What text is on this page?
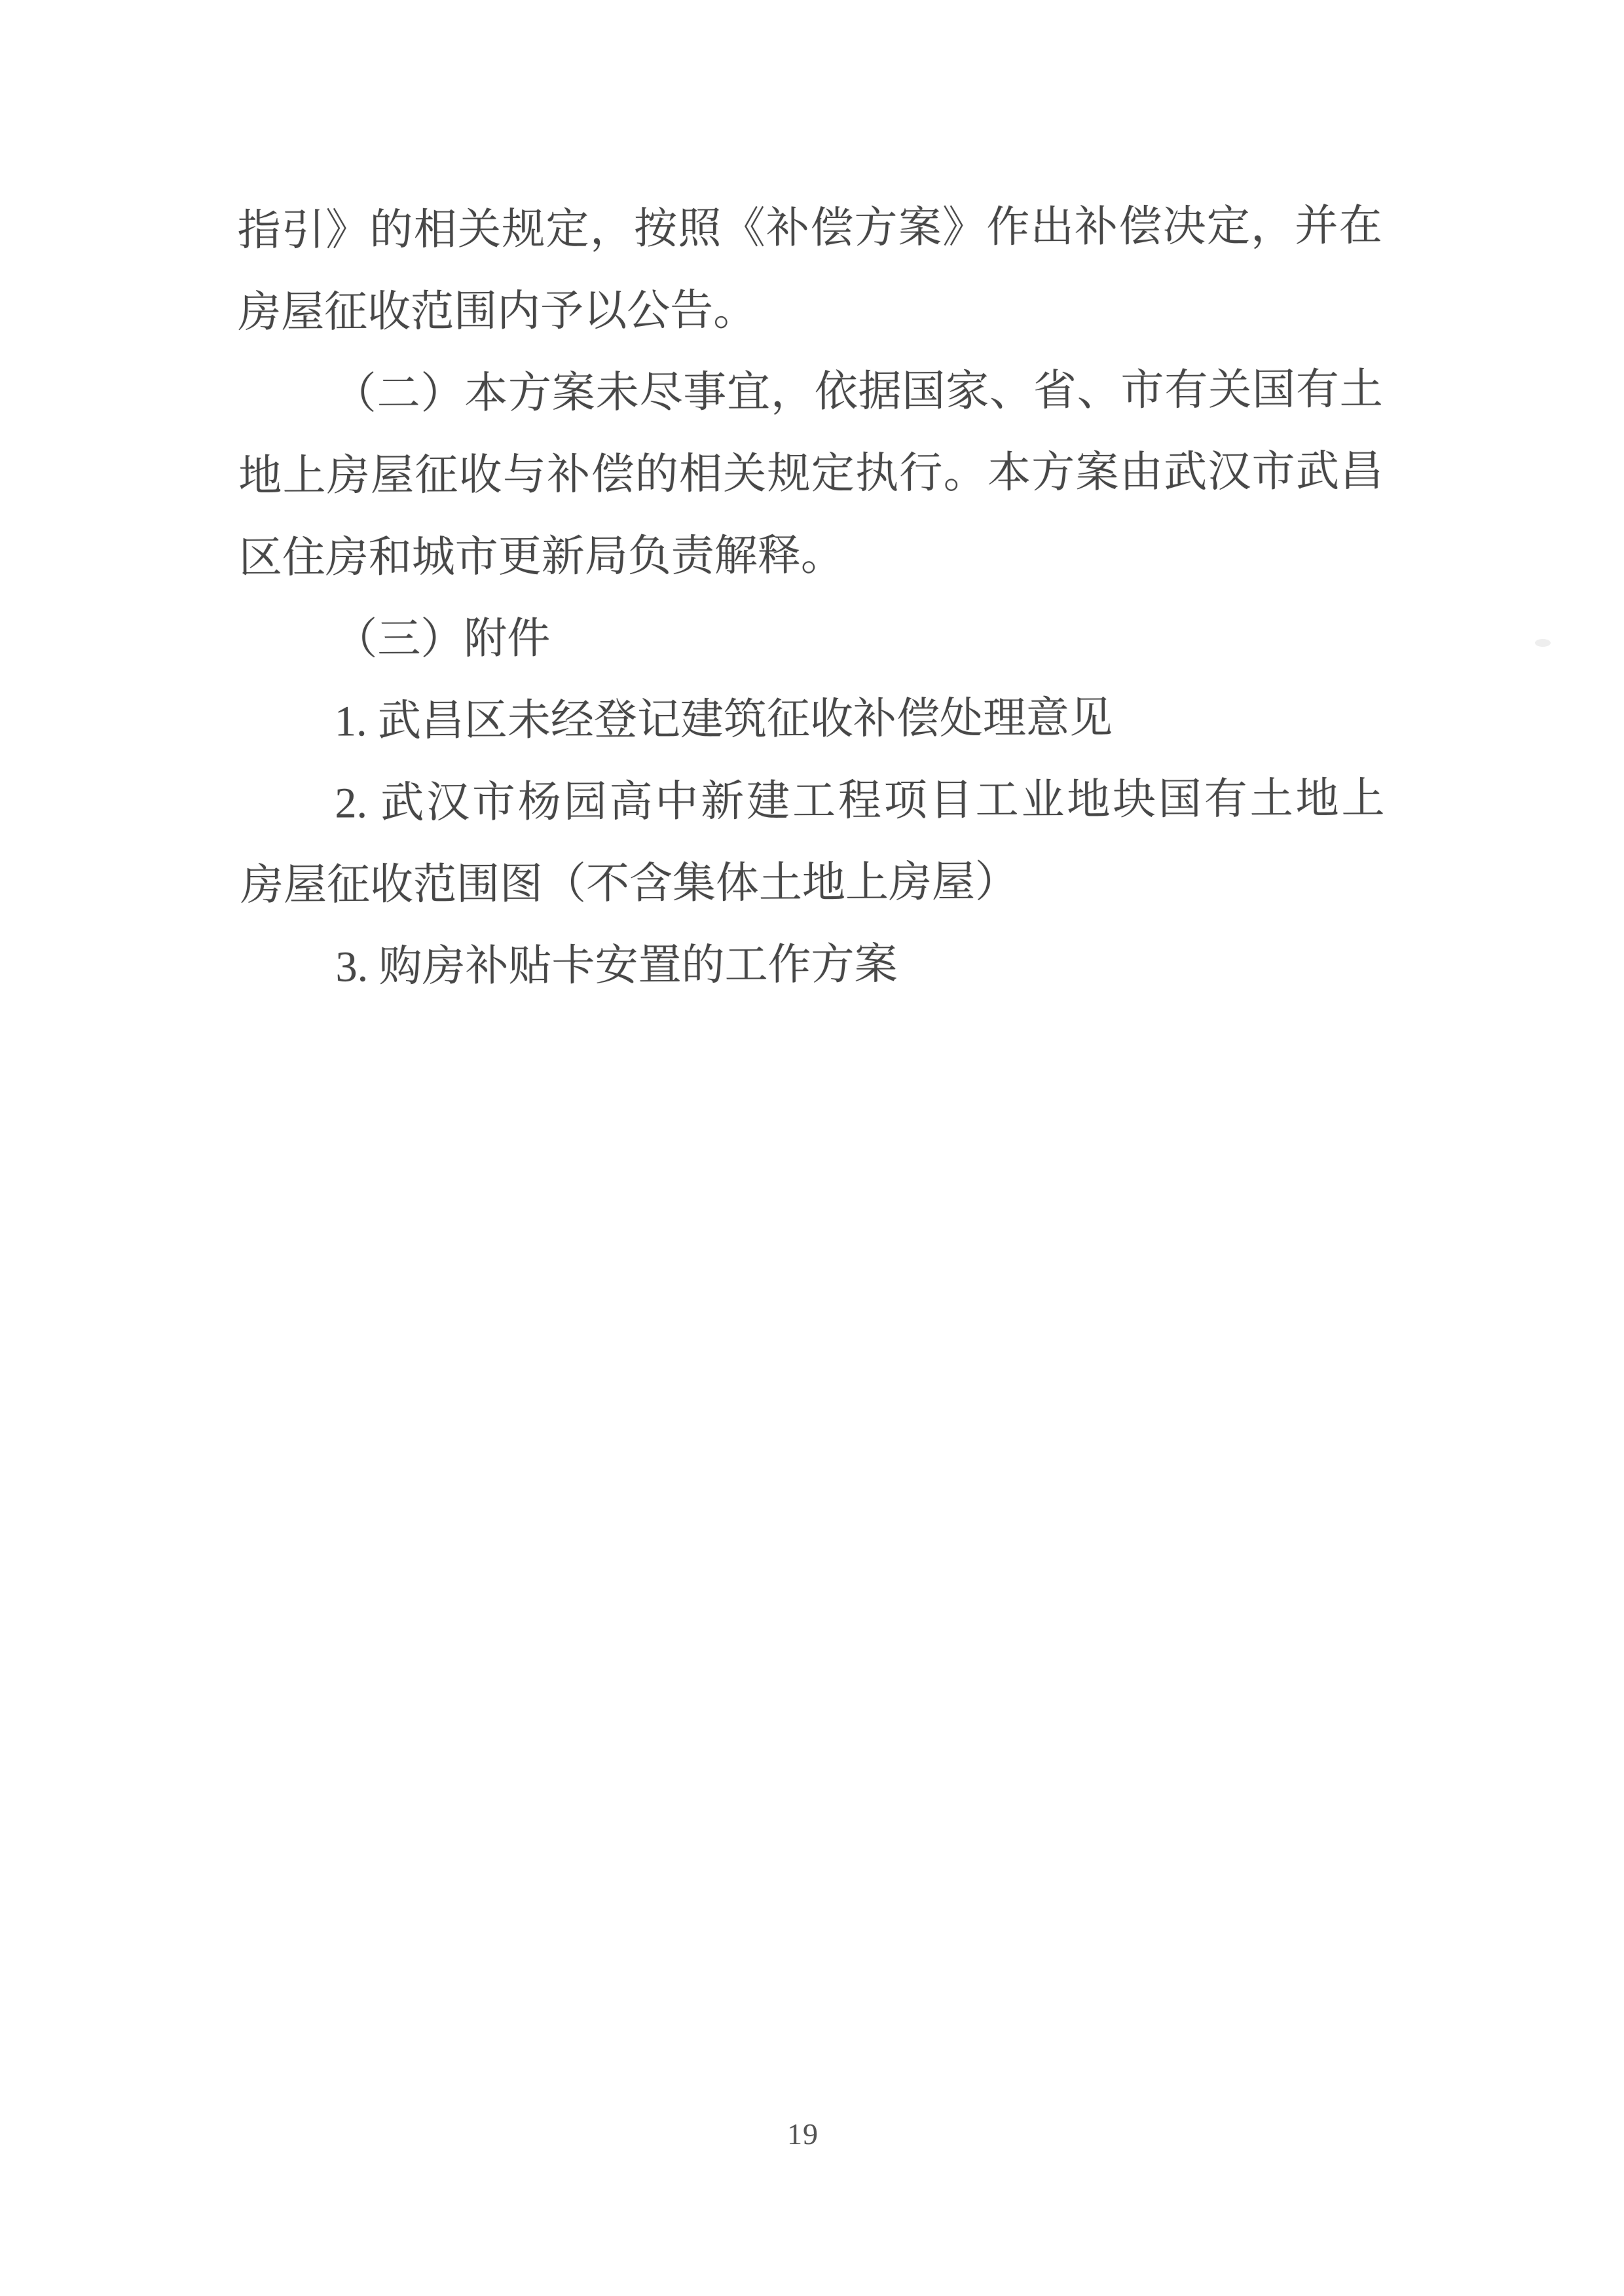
指引》的相关规定，按照《补偿方案》作出补偿决定，并在
房屋征收范围内予以公告。
（二）本方案未尽事宜，依据国家、省、市有关国有土
地上房屋征收与补偿的相关规定执行。本方案由武汉市武昌
区住房和城市更新局负责解释。
（三）附件
1. 武昌区未经登记建筑征收补偿处理意见
2. 武汉市杨园高中新建工程项目工业地块国有土地上
房屋征收范围图（不含集体土地上房屋）
3. 购房补贴卡安置的工作方案
19
